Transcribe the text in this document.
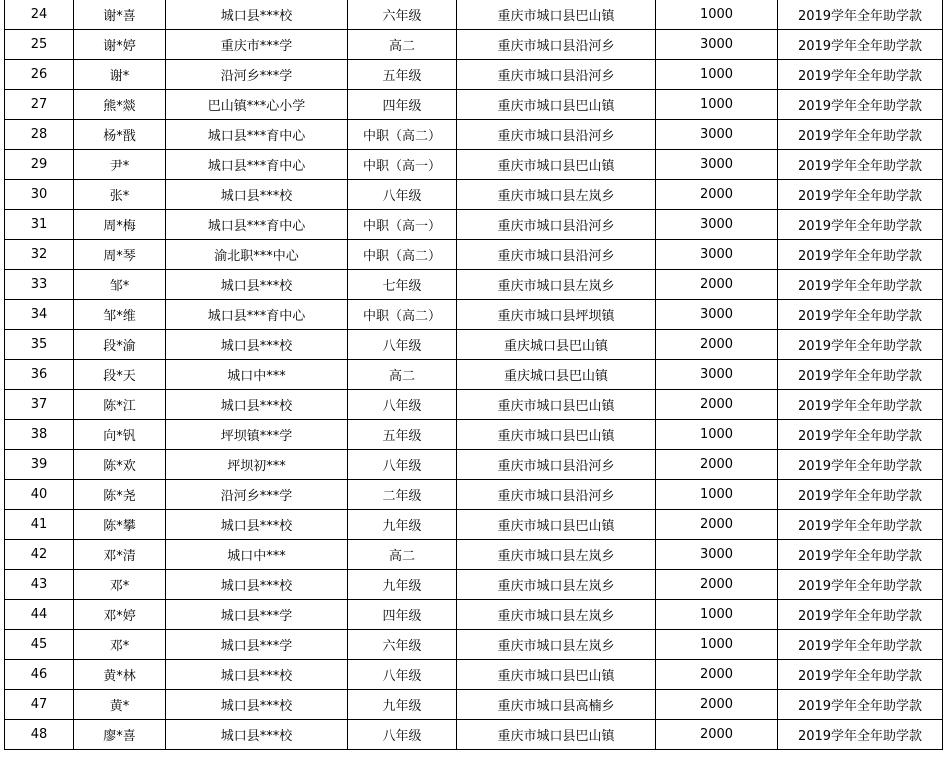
24	谢*喜	城口县***校	六年级	重庆市城口县巴山镇	1000	2019学年全年助学款
25	谢*婷	重庆市***学	高二	重庆市城口县沿河乡	3000	2019学年全年助学款
26	谢*	沿河乡***学	五年级	重庆市城口县沿河乡	1000	2019学年全年助学款
27	熊*燚	巴山镇***心小学	四年级	重庆市城口县巴山镇	1000	2019学年全年助学款
28	杨*戬	城口县***育中心	中职（高二）	重庆市城口县沿河乡	3000	2019学年全年助学款
29	尹*	城口县***育中心	中职（高一）	重庆市城口县巴山镇	3000	2019学年全年助学款
30	张*	城口县***校	八年级	重庆市城口县左岚乡	2000	2019学年全年助学款
31	周*梅	城口县***育中心	中职（高一）	重庆市城口县沿河乡	3000	2019学年全年助学款
32	周*琴	渝北职***中心	中职（高二）	重庆市城口县沿河乡	3000	2019学年全年助学款
33	邹*	城口县***校	七年级	重庆市城口县左岚乡	2000	2019学年全年助学款
34	邹*维	城口县***育中心	中职（高二）	重庆市城口县坪坝镇	3000	2019学年全年助学款
35	段*渝	城口县***校	八年级	重庆城口县巴山镇	2000	2019学年全年助学款
36	段*天	城口中***	高二	重庆城口县巴山镇	3000	2019学年全年助学款
37	陈*江	城口县***校	八年级	重庆市城口县巴山镇	2000	2019学年全年助学款
38	向*钒	坪坝镇***学	五年级	重庆市城口县巴山镇	1000	2019学年全年助学款
39	陈*欢	坪坝初***	八年级	重庆市城口县沿河乡	2000	2019学年全年助学款
40	陈*尧	沿河乡***学	二年级	重庆市城口县沿河乡	1000	2019学年全年助学款
41	陈*攀	城口县***校	九年级	重庆市城口县巴山镇	2000	2019学年全年助学款
42	邓*清	城口中***	高二	重庆市城口县左岚乡	3000	2019学年全年助学款
43	邓*	城口县***校	九年级	重庆市城口县左岚乡	2000	2019学年全年助学款
44	邓*婷	城口县***学	四年级	重庆市城口县左岚乡	1000	2019学年全年助学款
45	邓*	城口县***学	六年级	重庆市城口县左岚乡	1000	2019学年全年助学款
46	黄*林	城口县***校	八年级	重庆市城口县巴山镇	2000	2019学年全年助学款
47	黄*	城口县***校	九年级	重庆市城口县高楠乡	2000	2019学年全年助学款
48	廖*喜	城口县***校	八年级	重庆市城口县巴山镇	2000	2019学年全年助学款
